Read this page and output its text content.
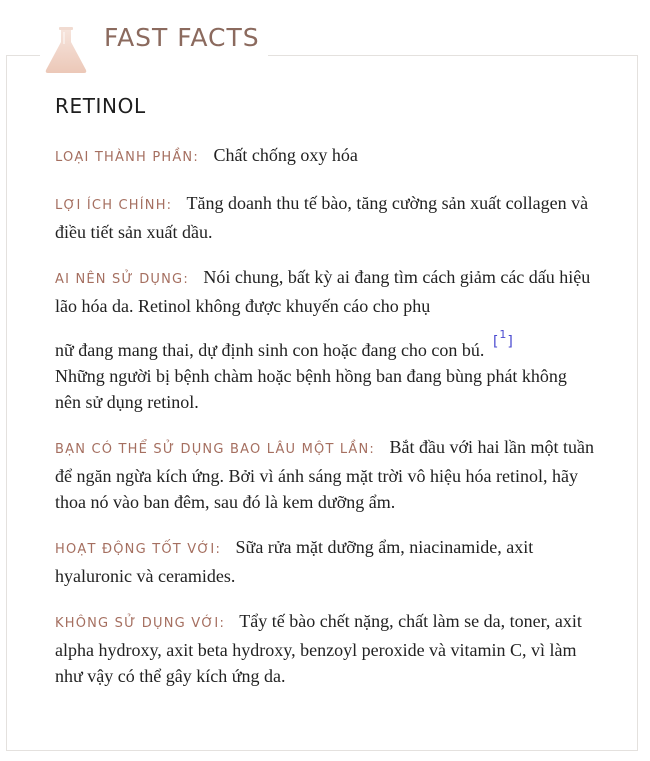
FAST FACTS
RETINOL

LOẠI THÀNH PHẦN: Chất chống oxy hóa

LỢI ÍCH CHÍNH: Tăng doanh thu tế bào, tăng cường sản xuất collagen và điều tiết sản xuất dầu.

AI NÊN SỬ DỤNG: Nói chung, bất kỳ ai đang tìm cách giảm các dấu hiệu lão hóa da. Retinol không được khuyến cáo cho phụ
nữ đang mang thai, dự định sinh con hoặc đang cho con bú. [1]
Những người bị bệnh chàm hoặc bệnh hồng ban đang bùng phát không nên sử dụng retinol.

BẠN CÓ THỂ SỬ DỤNG BAO LÂU MỘT LẦN: Bắt đầu với hai lần một tuần để ngăn ngừa kích ứng. Bởi vì ánh sáng mặt trời vô hiệu hóa retinol, hãy thoa nó vào ban đêm, sau đó là kem dưỡng ẩm.

HOẠT ĐỘNG TỐT VỚI: Sữa rửa mặt dưỡng ẩm, niacinamide, axit hyaluronic và ceramides.

KHÔNG SỬ DỤNG VỚI: Tẩy tế bào chết nặng, chất làm se da, toner, axit alpha hydroxy, axit beta hydroxy, benzoyl peroxide và vitamin C, vì làm như vậy có thể gây kích ứng da.
